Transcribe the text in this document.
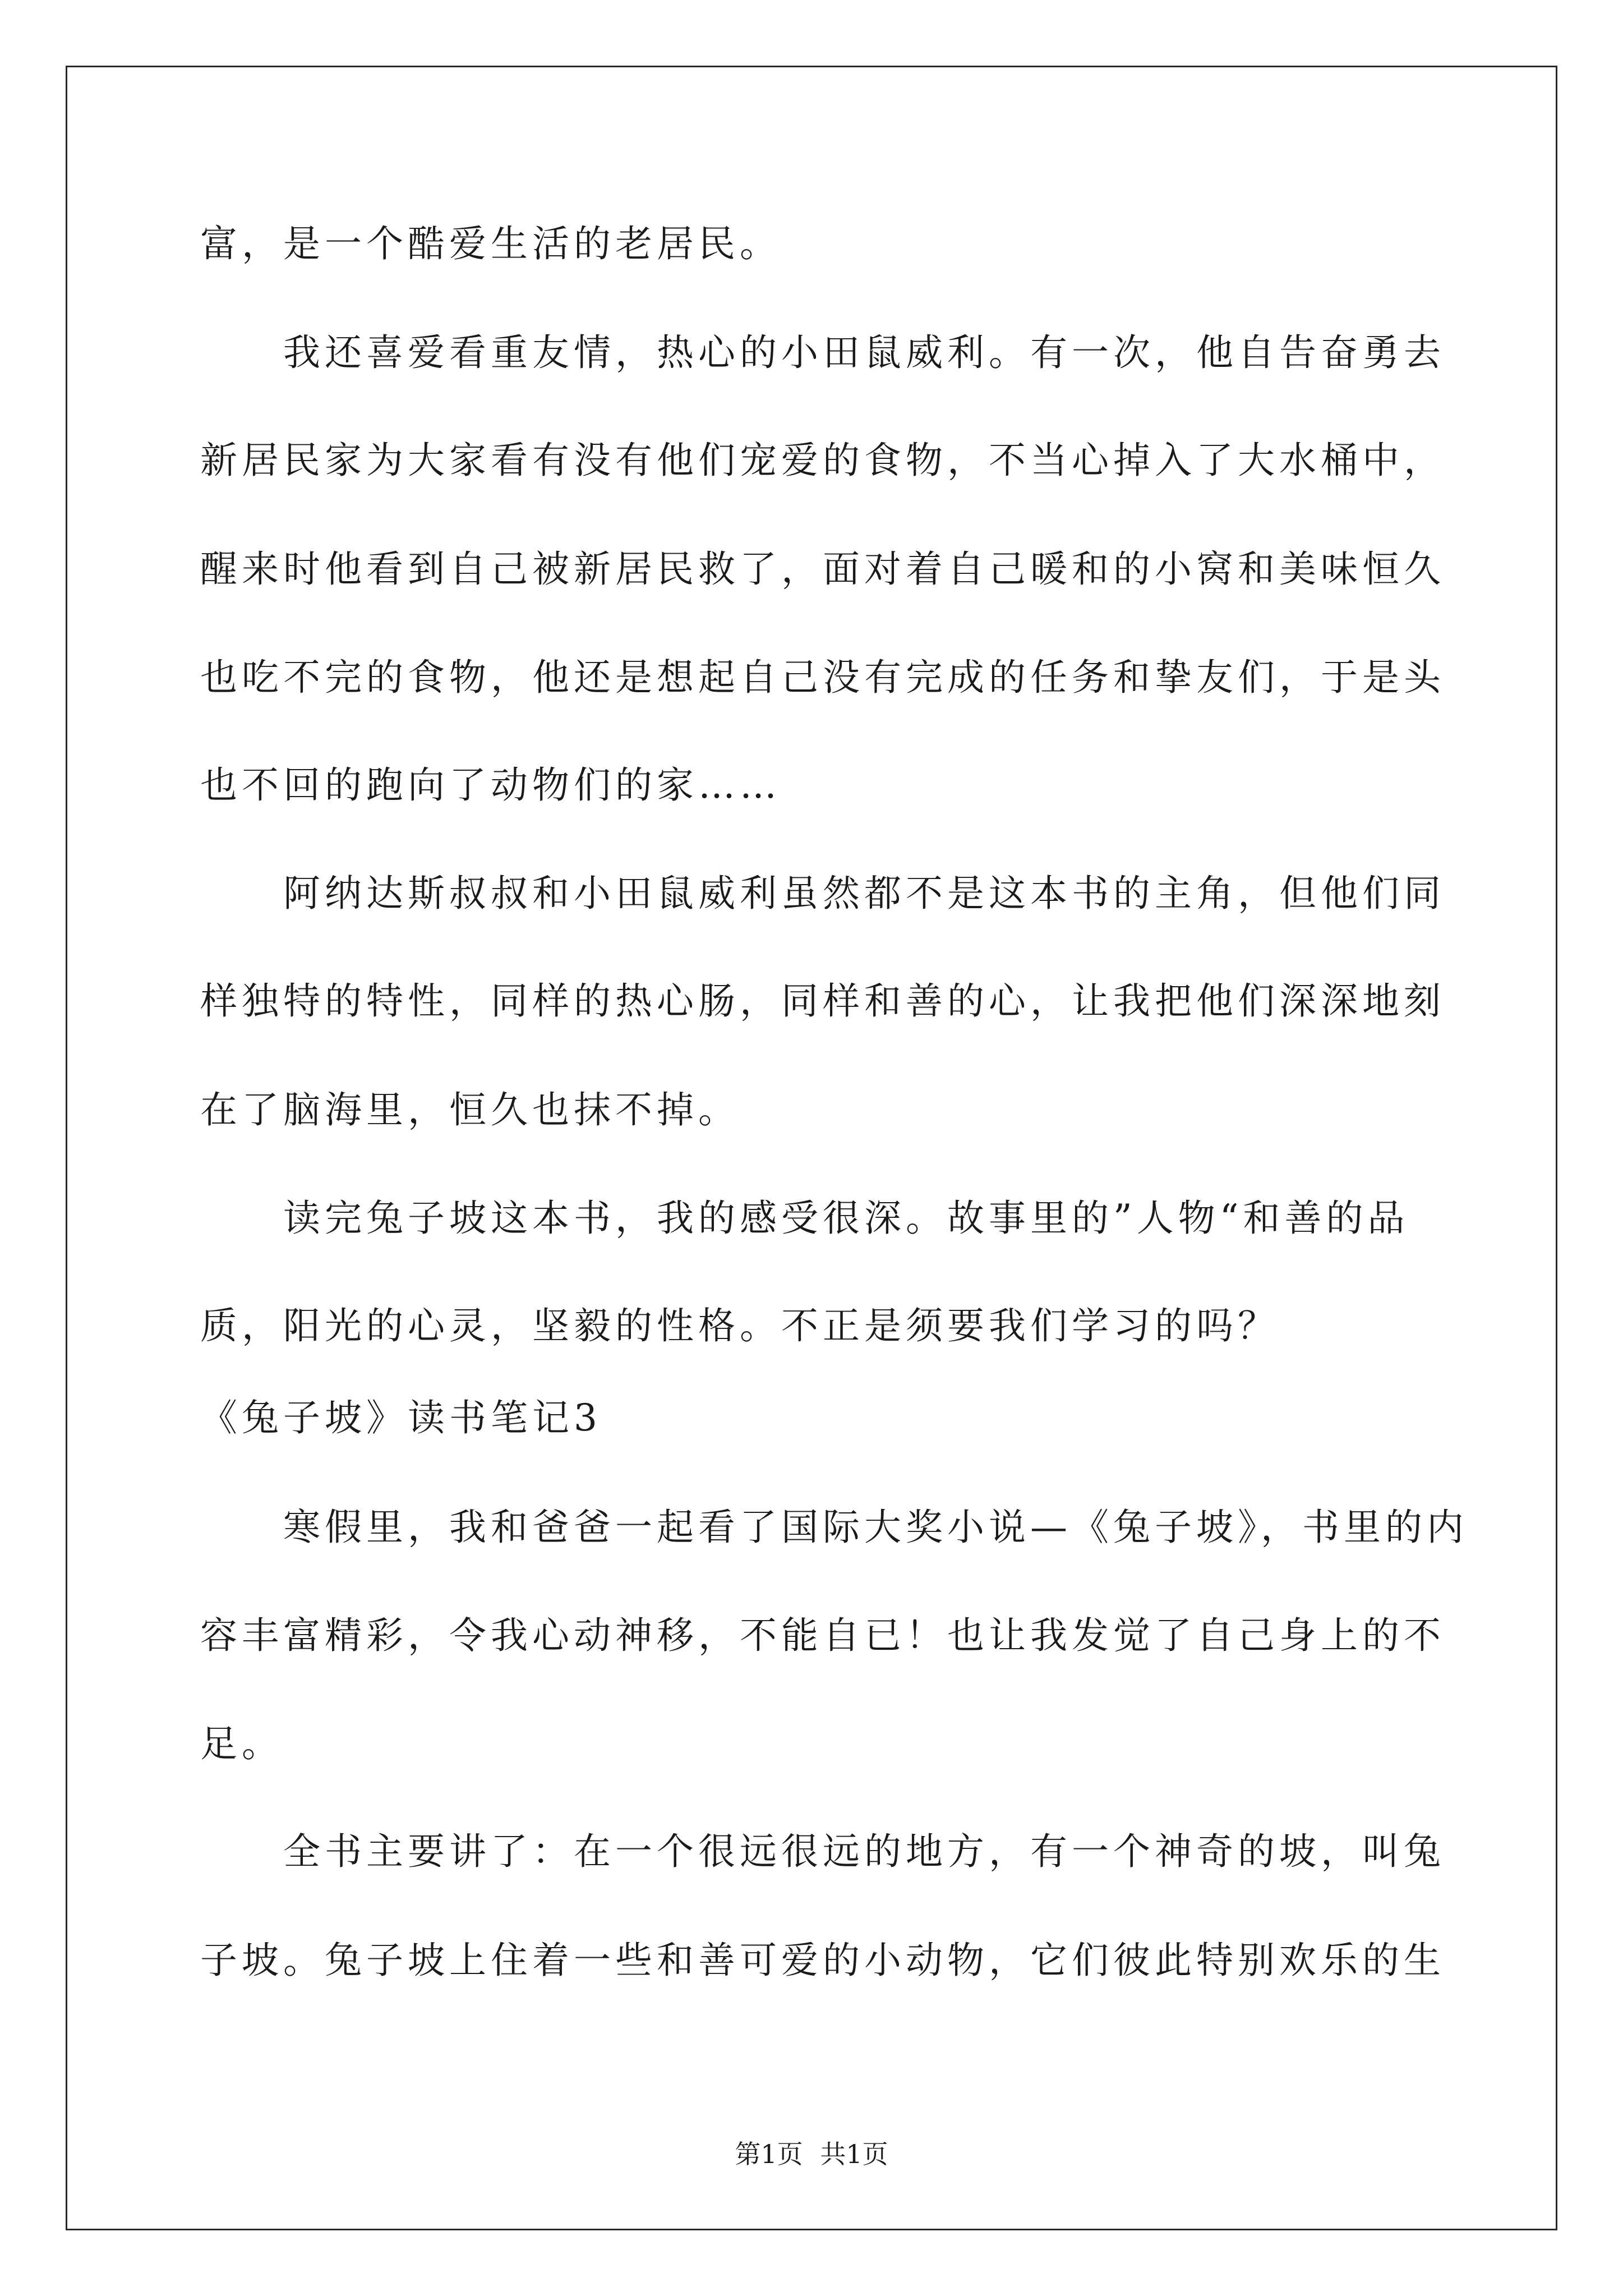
富，是一个酷爱生活的老居民。
　　我还喜爱看重友情，热心的小田鼠威利。有一次，他自告奋勇去
新居民家为大家看有没有他们宠爱的食物，不当心掉入了大水桶中，
醒来时他看到自己被新居民救了，面对着自己暖和的小窝和美味恒久
也吃不完的食物，他还是想起自己没有完成的任务和挚友们，于是头
也不回的跑向了动物们的家……
　　阿纳达斯叔叔和小田鼠威利虽然都不是这本书的主角，但他们同
样独特的特性，同样的热心肠，同样和善的心，让我把他们深深地刻
在了脑海里，恒久也抹不掉。
　　读完兔子坡这本书，我的感受很深。故事里的”人物“和善的品
质，阳光的心灵，坚毅的性格。不正是须要我们学习的吗？
《兔子坡》读书笔记3
　　寒假里，我和爸爸一起看了国际大奖小说—《兔子坡》，书里的内
容丰富精彩，令我心动神移，不能自已！也让我发觉了自己身上的不
足。
　　全书主要讲了：在一个很远很远的地方，有一个神奇的坡，叫兔
子坡。兔子坡上住着一些和善可爱的小动物，它们彼此特别欢乐的生
第1页 共1页
